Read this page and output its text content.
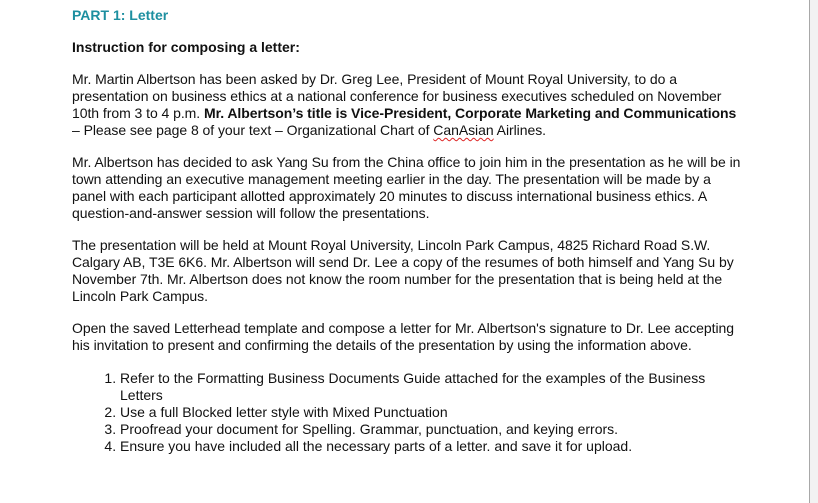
PART 1: Letter
Instruction for composing a letter:

Mr. Martin Albertson has been asked by Dr. Greg Lee, President of Mount Royal University, to do a presentation on business ethics at a national conference for business executives scheduled on November 10th from 3 to 4 p.m. Mr. Albertson’s title is Vice-President, Corporate Marketing and Communications – Please see page 8 of your text – Organizational Chart of CanAsian Airlines.

Mr. Albertson has decided to ask Yang Su from the China office to join him in the presentation as he will be in town attending an executive management meeting earlier in the day. The presentation will be made by a panel with each participant allotted approximately 20 minutes to discuss international business ethics. A question-and-answer session will follow the presentations.

The presentation will be held at Mount Royal University, Lincoln Park Campus, 4825 Richard Road S.W. Calgary AB, T3E 6K6. Mr. Albertson will send Dr. Lee a copy of the resumes of both himself and Yang Su by November 7th. Mr. Albertson does not know the room number for the presentation that is being held at the Lincoln Park Campus.

Open the saved Letterhead template and compose a letter for Mr. Albertson's signature to Dr. Lee accepting his invitation to present and confirming the details of the presentation by using the information above.

1. Refer to the Formatting Business Documents Guide attached for the examples of the Business Letters
2. Use a full Blocked letter style with Mixed Punctuation
3. Proofread your document for Spelling. Grammar, punctuation, and keying errors.
4. Ensure you have included all the necessary parts of a letter. and save it for upload.
